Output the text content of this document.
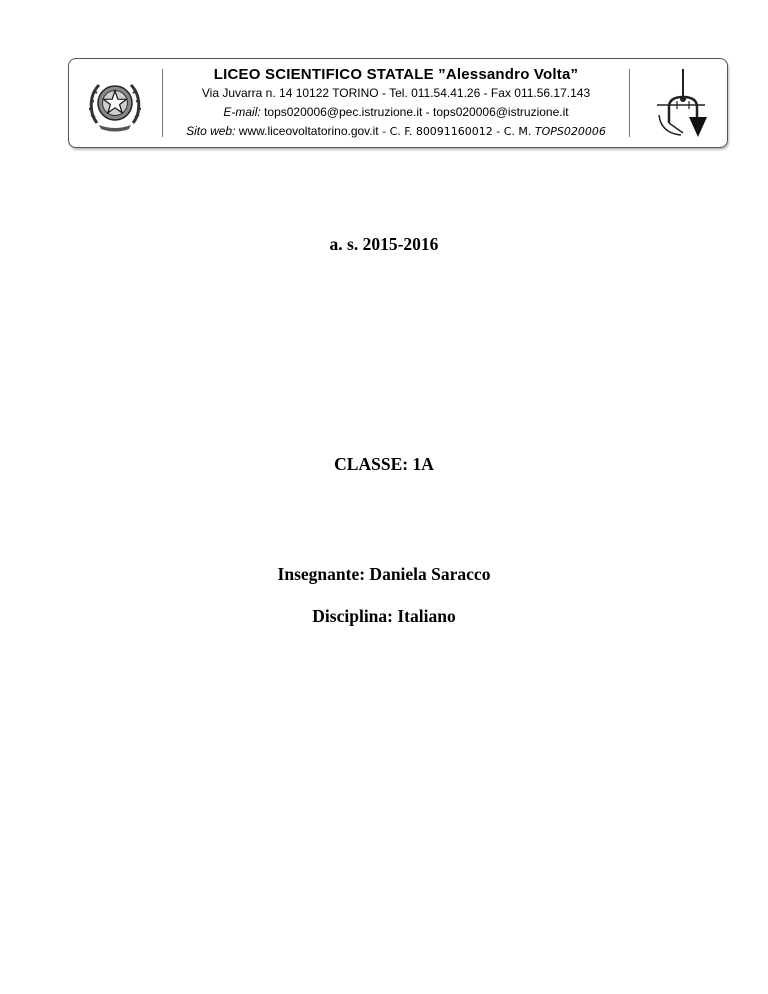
LICEO SCIENTIFICO STATALE ”Alessandro Volta”
Via Juvarra n. 14 10122 TORINO - Tel. 011.54.41.26 - Fax 011.56.17.143
E-mail: tops020006@pec.istruzione.it - tops020006@istruzione.it
Sito web: www.liceovoltatorino.gov.it - C. F. 80091160012 - C. M. TOPS020006
a. s. 2015-2016
CLASSE: 1A
Insegnante: Daniela Saracco
Disciplina: Italiano
